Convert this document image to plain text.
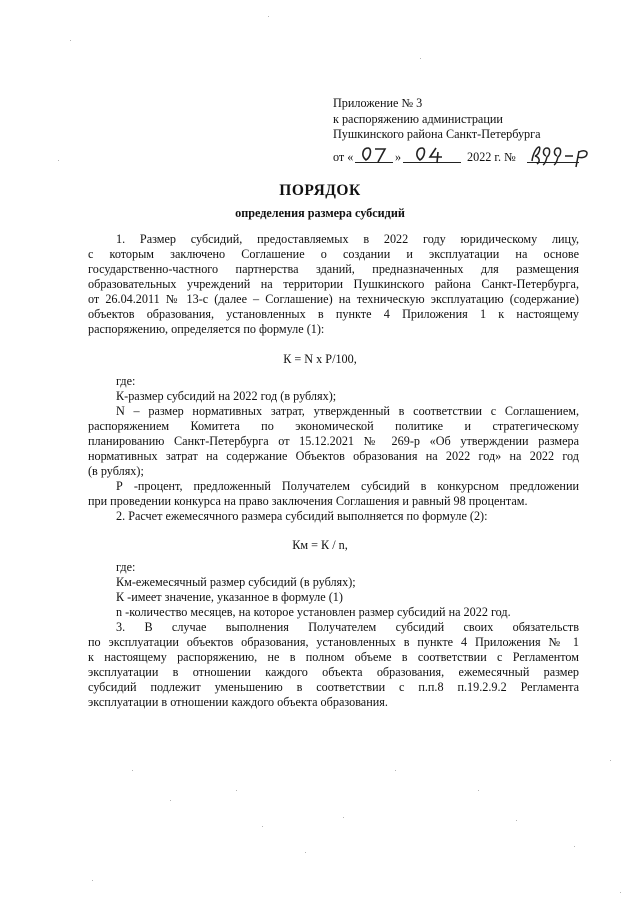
Приложение № 3
к распоряжению администрации
Пушкинского района Санкт-Петербурга
от «	»	2022 г. №
ПОРЯДОК
определения размера субсидий
1. Размер субсидий, предоставляемых в 2022 году юридическому лицу,
с которым заключено Соглашение о создании и эксплуатации на основе
государственно-частного партнерства зданий, предназначенных для размещения
образовательных учреждений на территории Пушкинского района Санкт-Петербурга,
от 26.04.2011 № 13-с (далее – Соглашение) на техническую эксплуатацию (содержание)
объектов образования, установленных в пункте 4 Приложения 1 к настоящему
распоряжению, определяется по формуле (1):
К = N x P/100,
где:
К-размер субсидий на 2022 год (в рублях);
N – размер нормативных затрат, утвержденный в соответствии с Соглашением,
распоряжением Комитета по экономической политике и стратегическому
планированию Санкт-Петербурга от 15.12.2021 № 269-р «Об утверждении размера
нормативных затрат на содержание Объектов образования на 2022 год» на 2022 год
(в рублях);
Р -процент, предложенный Получателем субсидий в конкурсном предложении
при проведении конкурса на право заключения Соглашения и равный 98 процентам.
2. Расчет ежемесячного размера субсидий выполняется по формуле (2):
Км = К / n,
где:
Км-ежемесячный размер субсидий (в рублях);
К -имеет значение, указанное в формуле (1)
n -количество месяцев, на которое установлен размер субсидий на 2022 год.
3. В случае выполнения Получателем субсидий своих обязательств
по эксплуатации объектов образования, установленных в пункте 4 Приложения № 1
к настоящему распоряжению, не в полном объеме в соответствии с Регламентом
эксплуатации в отношении каждого объекта образования, ежемесячный размер
субсидий подлежит уменьшению в соответствии с п.п.8 п.19.2.9.2 Регламента
эксплуатации в отношении каждого объекта образования.
